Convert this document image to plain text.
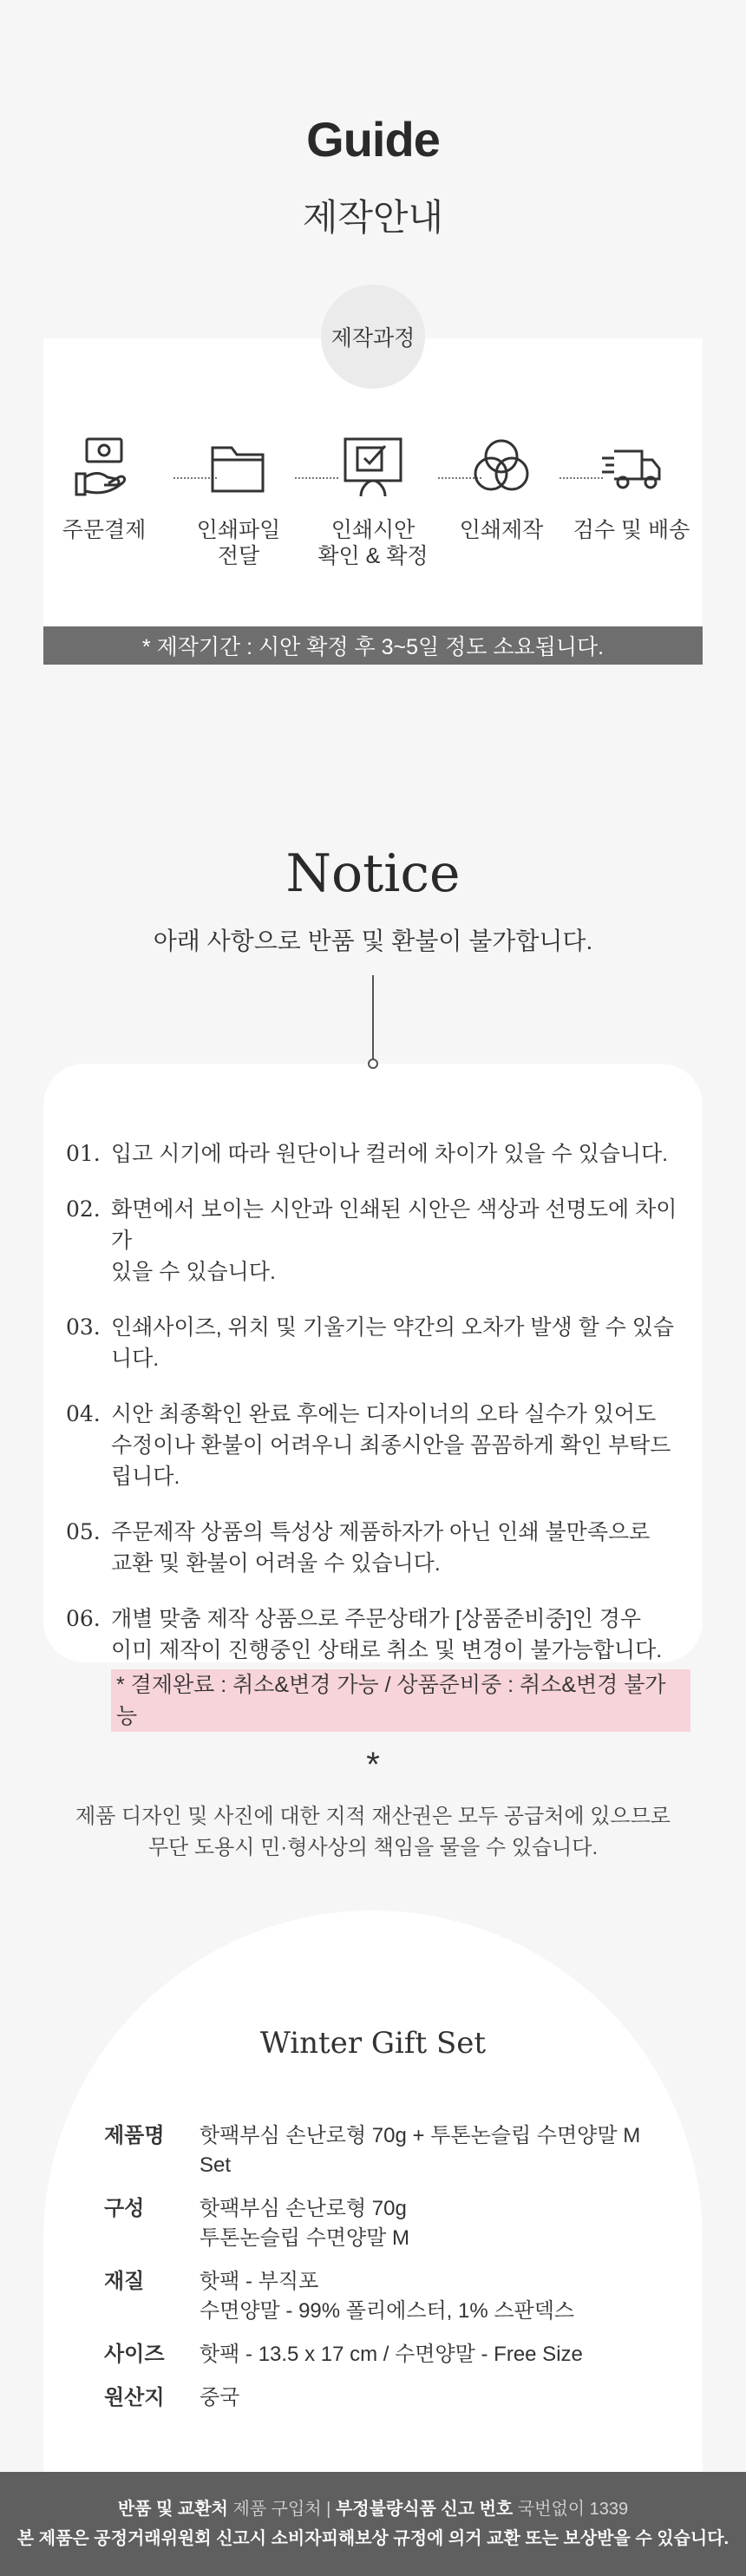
Guide
제작안내
제작과정
주문결제	인쇄파일
전달
인쇄시안
확인 & 확정
인쇄제작	검수 및 배송
* 제작기간 : 시안 확정 후 3~5일 정도 소요됩니다.
Notice
아래 사항으로 반품 및 환불이 불가합니다.
01. 입고 시기에 따라 원단이나 컬러에 차이가 있을 수 있습니다.
02. 화면에서 보이는 시안과 인쇄된 시안은 색상과 선명도에 차이가
있을 수 있습니다.
03. 인쇄사이즈, 위치 및 기울기는 약간의 오차가 발생 할 수 있습니다.
04. 시안 최종확인 완료 후에는 디자이너의 오타 실수가 있어도
수정이나 환불이 어려우니 최종시안을 꼼꼼하게 확인 부탁드립니다.
05. 주문제작 상품의 특성상 제품하자가 아닌 인쇄 불만족으로
교환 및 환불이 어려울 수 있습니다.
06. 개별 맞춤 제작 상품으로 주문상태가 [상품준비중]인 경우
이미 제작이 진행중인 상태로 취소 및 변경이 불가능합니다.
* 결제완료 : 취소&변경 가능 / 상품준비중 : 취소&변경 불가능
*
제품 디자인 및 사진에 대한 지적 재산권은 모두 공급처에 있으므로
무단 도용시 민·형사상의 책임을 물을 수 있습니다.
Winter Gift Set
제품명	핫팩부심 손난로형 70g + 투톤논슬립 수면양말 M Set
구성	핫팩부심 손난로형 70g
투톤논슬립 수면양말 M
재질	핫팩 - 부직포
수면양말 - 99% 폴리에스터, 1% 스판덱스
사이즈	핫팩 - 13.5 x 17 cm / 수면양말 - Free Size
원산지	중국
반품 및 교환처 제품 구입처 | 부정불량식품 신고 번호 국번없이 1339
본 제품은 공정거래위원회 신고시 소비자피해보상 규정에 의거 교환 또는 보상받을 수 있습니다.
